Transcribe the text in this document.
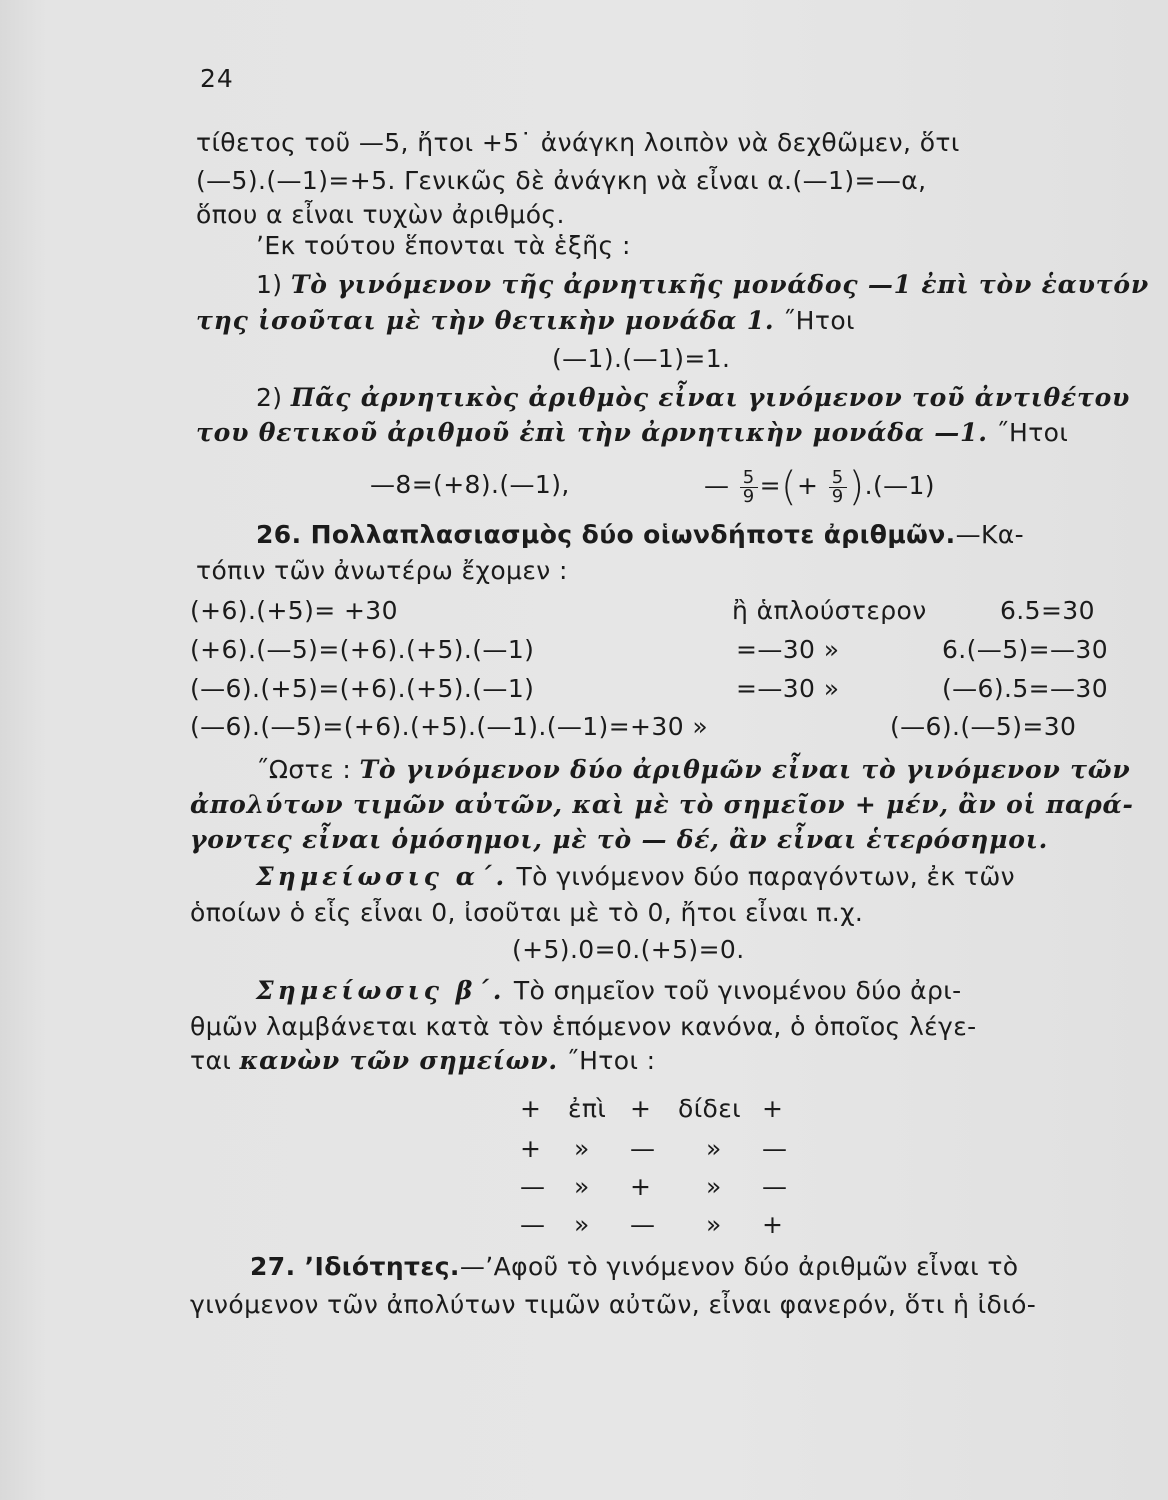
24
τίθετος τοῦ —5, ἤτοι +5˙ ἀνάγκη λοιπὸν νὰ δεχθῶμεν, ὅτι
(—5).(—1)=+5. Γενικῶς δὲ ἀνάγκη νὰ εἶναι α.(—1)=—α,
ὅπου α εἶναι τυχὼν ἀριθμός.
ʼΕκ τούτου ἕπονται τὰ ἑξῆς :
1) Τὸ γινόμενον τῆς ἀρνητικῆς μονάδος —1 ἐπὶ τὸν ἑαυτόν
της ἰσοῦται μὲ τὴν θετικὴν μονάδα 1. ˝Ητοι
(—1).(—1)=1.
2) Πᾶς ἀρνητικὸς ἀριθμὸς εἶναι γινόμενον τοῦ ἀντιθέτου
του θετικοῦ ἀριθμοῦ ἐπὶ τὴν ἀρνητικὴν μονάδα —1. ˝Ητοι
—8=(+8).(—1),	— $\frac{5}{9}$ =(+ $\frac{5}{9}$ ).(—1)
26. Πολλαπλασιασμὸς δύο οἱωνδήποτε ἀριθμῶν.—Κα-
τόπιν τῶν ἀνωτέρω ἔχομεν :
(+6).(+5)= +30	ἢ ἁπλούστερον	6.5=30
(+6).(—5)=(+6).(+5).(—1)	=—30 »	6.(—5)=—30
(—6).(+5)=(+6).(+5).(—1)	=—30 »	(—6).5=—30
(—6).(—5)=(+6).(+5).(—1).(—1)=+30 »	(—6).(—5)=30
˝Ωστε : Τὸ γινόμενον δύο ἀριθμῶν εἶναι τὸ γινόμενον τῶν
ἀπολύτων τιμῶν αὐτῶν, καὶ μὲ τὸ σημεῖον + μέν, ἂν οἱ παρά-
γοντες εἶναι ὁμόσημοι, μὲ τὸ — δέ, ἂν εἶναι ἑτερόσημοι.
Σημείωσις α΄. Τὸ γινόμενον δύο παραγόντων, ἐκ τῶν
ὁποίων ὁ εἷς εἶναι 0, ἰσοῦται μὲ τὸ 0, ἤτοι εἶναι π.χ.
(+5).0=0.(+5)=0.
Σημείωσις β΄. Τὸ σημεῖον τοῦ γινομένου δύο ἀρι-
θμῶν λαμβάνεται κατὰ τὸν ἑπόμενον κανόνα, ὁ ὁποῖος λέγε-
ται κανὼν τῶν σημείων. ˝Ητοι :
+ ἐπὶ + δίδει +
+ » — » —
— » + » —
— » — » +
27. ʼΙδιότητες.—ʼΑφοῦ τὸ γινόμενον δύο ἀριθμῶν εἶναι τὸ
γινόμενον τῶν ἀπολύτων τιμῶν αὐτῶν, εἶναι φανερόν, ὅτι ἡ ἰδιό-
